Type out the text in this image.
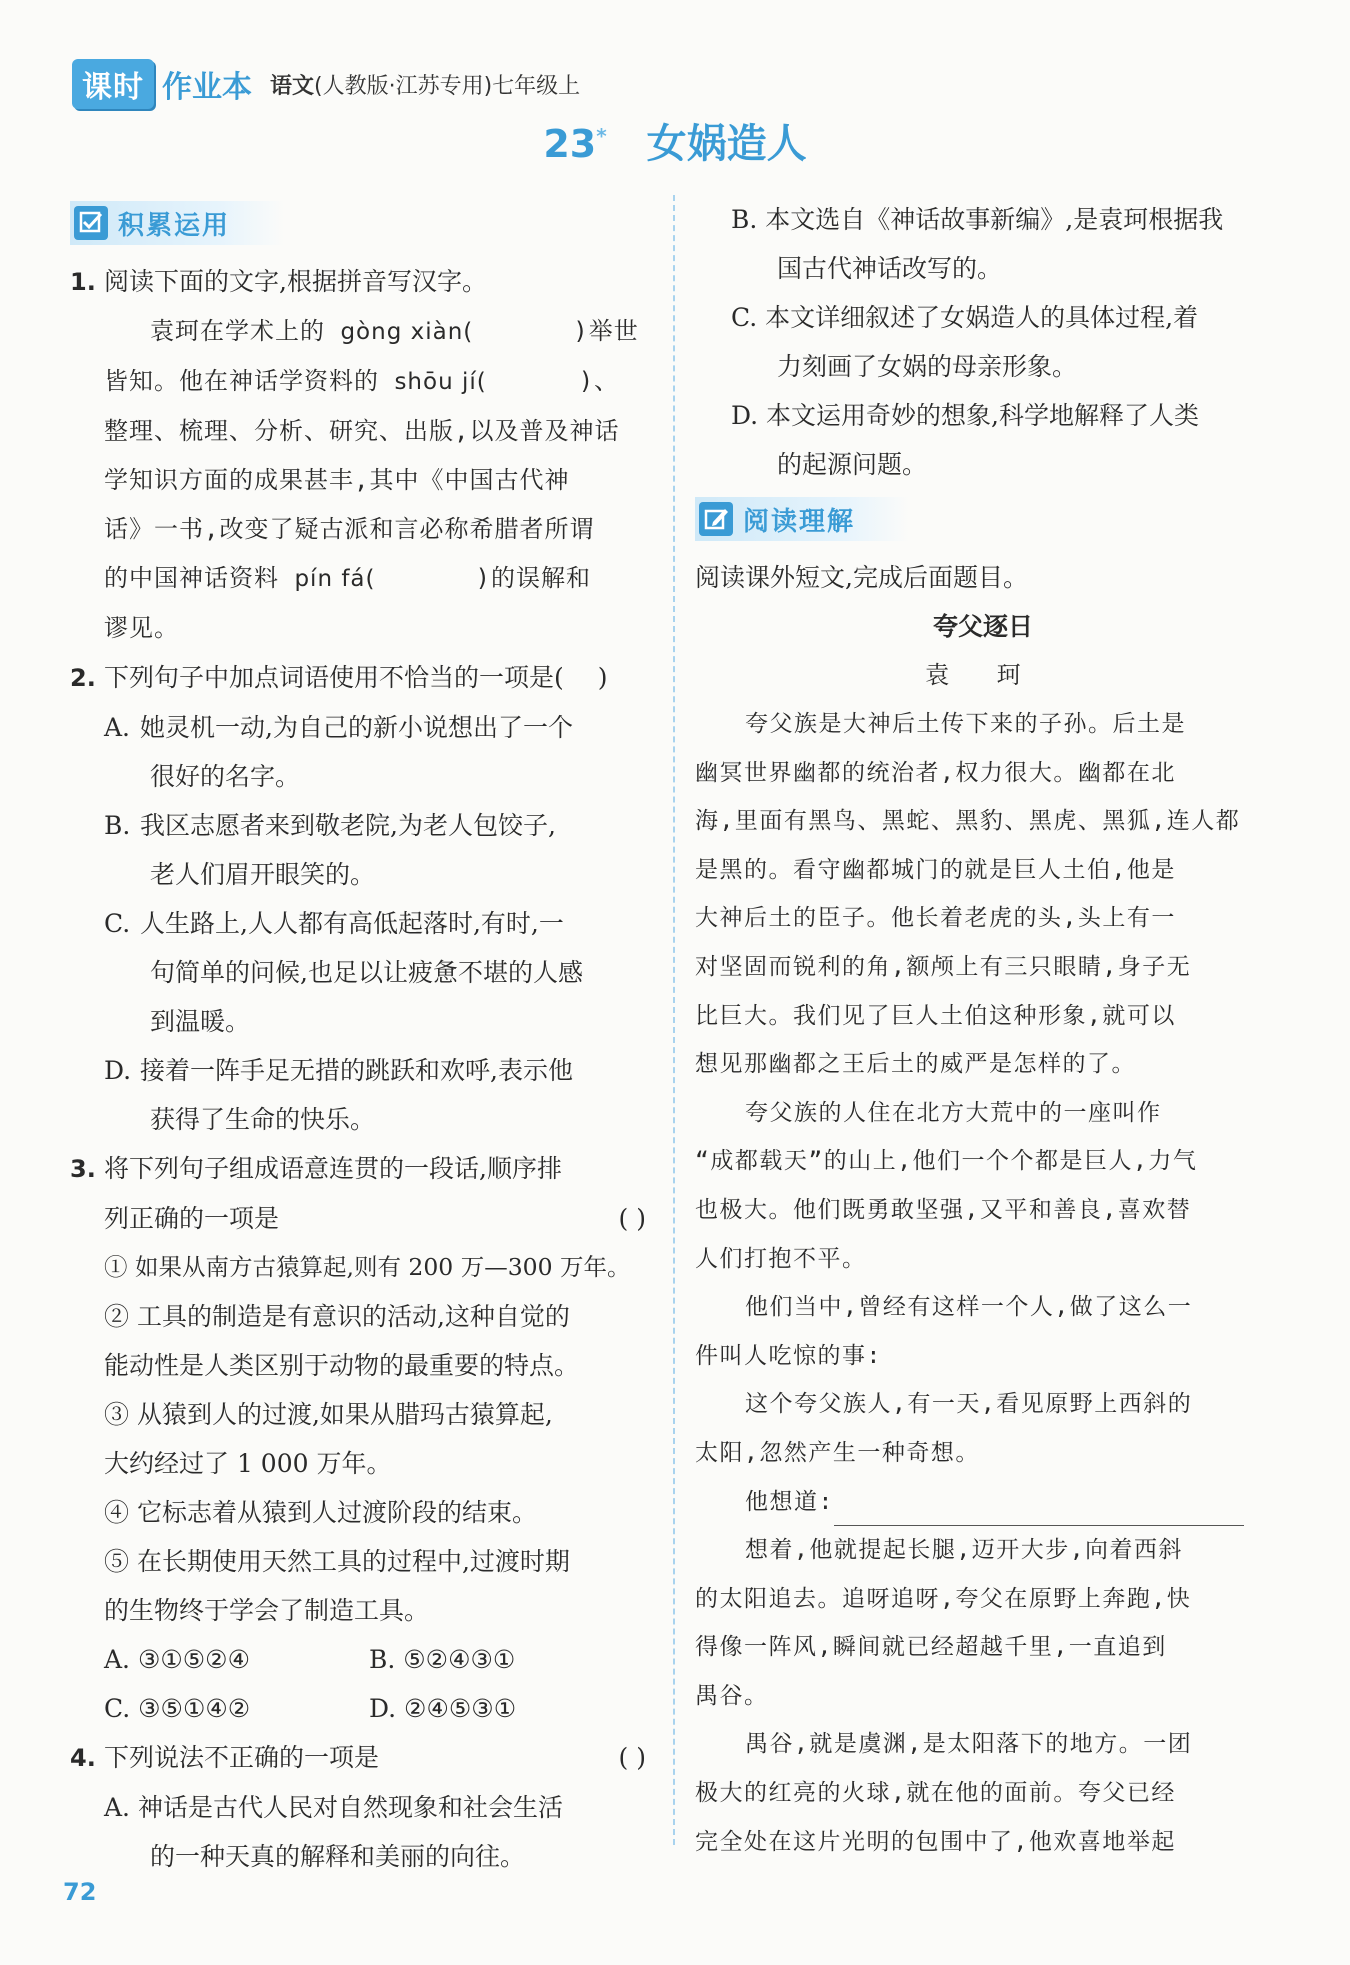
课时 作业本 语文(人教版·江苏专用)七年级上
23* 女娲造人
积累运用
1. 阅读下面的文字,根据拼音写汉字。
袁珂在学术上的 gòng xiàn(	)举世
皆知。他在神话学资料的 shōu jí(	)、
整理、梳理、分析、研究、出版,以及普及神话
学知识方面的成果甚丰,其中《中国古代神
话》一书,改变了疑古派和言必称希腊者所谓
的中国神话资料 pín fá(	)的误解和
谬见。
2. 下列句子中加点词语使用不恰当的一项是( )
A. 她灵机一动,为自己的新小说想出了一个
很好的名字。
B. 我区志愿者来到敬老院,为老人包饺子,
老人们眉开眼笑的。
C. 人生路上,人人都有高低起落时,有时,一
句简单的问候,也足以让疲惫不堪的人感
到温暖。
D. 接着一阵手足无措的跳跃和欢呼,表示他
获得了生命的快乐。
3. 将下列句子组成语意连贯的一段话,顺序排
列正确的一项是	( )
① 如果从南方古猿算起,则有 200 万—300 万年。
② 工具的制造是有意识的活动,这种自觉的
能动性是人类区别于动物的最重要的特点。
③ 从猿到人的过渡,如果从腊玛古猿算起,
大约经过了 1 000 万年。
④ 它标志着从猿到人过渡阶段的结束。
⑤ 在长期使用天然工具的过程中,过渡时期
的生物终于学会了制造工具。
A. ③①⑤②④	B. ⑤②④③①
C. ③⑤①④②	D. ②④⑤③①
4. 下列说法不正确的一项是	( )
A. 神话是古代人民对自然现象和社会生活
的一种天真的解释和美丽的向往。
B. 本文选自《神话故事新编》,是袁珂根据我
国古代神话改写的。
C. 本文详细叙述了女娲造人的具体过程,着
力刻画了女娲的母亲形象。
D. 本文运用奇妙的想象,科学地解释了人类
的起源问题。
阅读理解
阅读课外短文,完成后面题目。
夸父逐日
袁 珂
夸父族是大神后土传下来的子孙。后土是
幽冥世界幽都的统治者,权力很大。幽都在北
海,里面有黑鸟、黑蛇、黑豹、黑虎、黑狐,连人都
是黑的。看守幽都城门的就是巨人土伯,他是
大神后土的臣子。他长着老虎的头,头上有一
对坚固而锐利的角,额颅上有三只眼睛,身子无
比巨大。我们见了巨人土伯这种形象,就可以
想见那幽都之王后土的威严是怎样的了。
夸父族的人住在北方大荒中的一座叫作
“成都载天”的山上,他们一个个都是巨人,力气
也极大。他们既勇敢坚强,又平和善良,喜欢替
人们打抱不平。
他们当中,曾经有这样一个人,做了这么一
件叫人吃惊的事:
这个夸父族人,有一天,看见原野上西斜的
太阳,忽然产生一种奇想。
他想道:
想着,他就提起长腿,迈开大步,向着西斜
的太阳追去。追呀追呀,夸父在原野上奔跑,快
得像一阵风,瞬间就已经超越千里,一直追到
禺谷。
禺谷,就是虞渊,是太阳落下的地方。一团
极大的红亮的火球,就在他的面前。夸父已经
完全处在这片光明的包围中了,他欢喜地举起
72
